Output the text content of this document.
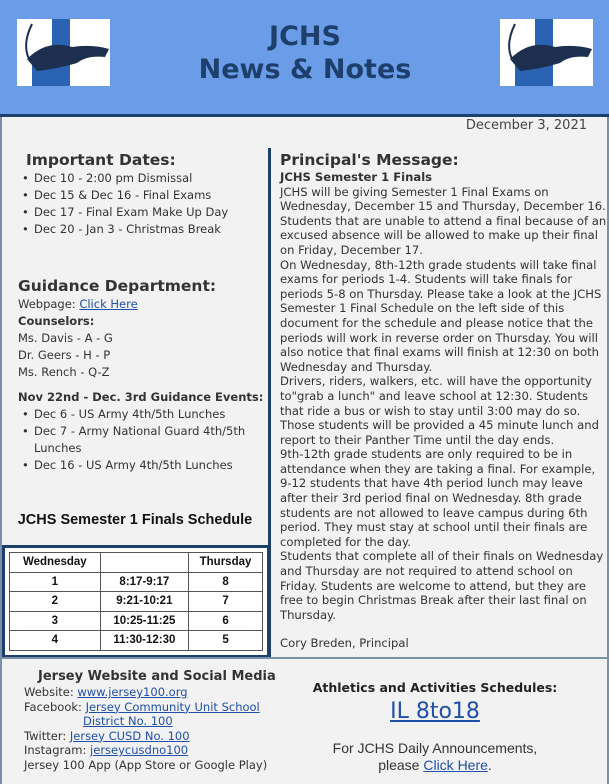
JCHS
News & Notes
December 3, 2021
Important Dates:
• Dec 10 - 2:00 pm Dismissal
• Dec 15 & Dec 16 - Final Exams
• Dec 17 - Final Exam Make Up Day
• Dec 20 - Jan 3 - Christmas Break
Guidance Department:
Webpage: Click Here
Counselors:
Ms. Davis - A - G
Dr. Geers - H - P
Ms. Rench - Q-Z
Nov 22nd - Dec. 3rd Guidance Events:
• Dec 6 - US Army 4th/5th Lunches
• Dec 7 - Army National Guard 4th/5th Lunches
• Dec 16 - US Army 4th/5th Lunches
JCHS Semester 1 Finals Schedule
Wednesday		Thursday
1	8:17-9:17	8
2	9:21-10:21	7
3	10:25-11:25	6
4	11:30-12:30	5
Principal's Message:
JCHS Semester 1 Finals

JCHS will be giving Semester 1 Final Exams on Wednesday, December 15 and Thursday, December 16. Students that are unable to attend a final because of an excused absence will be allowed to make up their final on Friday, December 17.

On Wednesday, 8th-12th grade students will take final exams for periods 1-4. Students will take finals for periods 5-8 on Thursday. Please take a look at the JCHS Semester 1 Final Schedule on the left side of this document for the schedule and please notice that the periods will work in reverse order on Thursday. You will also notice that final exams will finish at 12:30 on both Wednesday and Thursday.

Drivers, riders, walkers, etc. will have the opportunity to"grab a lunch" and leave school at 12:30. Students that ride a bus or wish to stay until 3:00 may do so. Those students will be provided a 45 minute lunch and report to their Panther Time until the day ends.

9th-12th grade students are only required to be in attendance when they are taking a final. For example, 9-12 students that have 4th period lunch may leave after their 3rd period final on Wednesday. 8th grade students are not allowed to leave campus during 6th period. They must stay at school until their finals are completed for the day.

Students that complete all of their finals on Wednesday and Thursday are not required to attend school on Friday. Students are welcome to attend, but they are free to begin Christmas Break after their last final on Thursday.

Cory Breden, Principal

Jersey Website and Social Media
Website: www.jersey100.org
Facebook: Jersey Community Unit School
District No. 100
Twitter: Jersey CUSD No. 100
Instagram: jerseycusdno100
Jersey 100 App (App Store or Google Play)
Athletics and Activities Schedules:
IL 8to18
For JCHS Daily Announcements,
please Click Here.
